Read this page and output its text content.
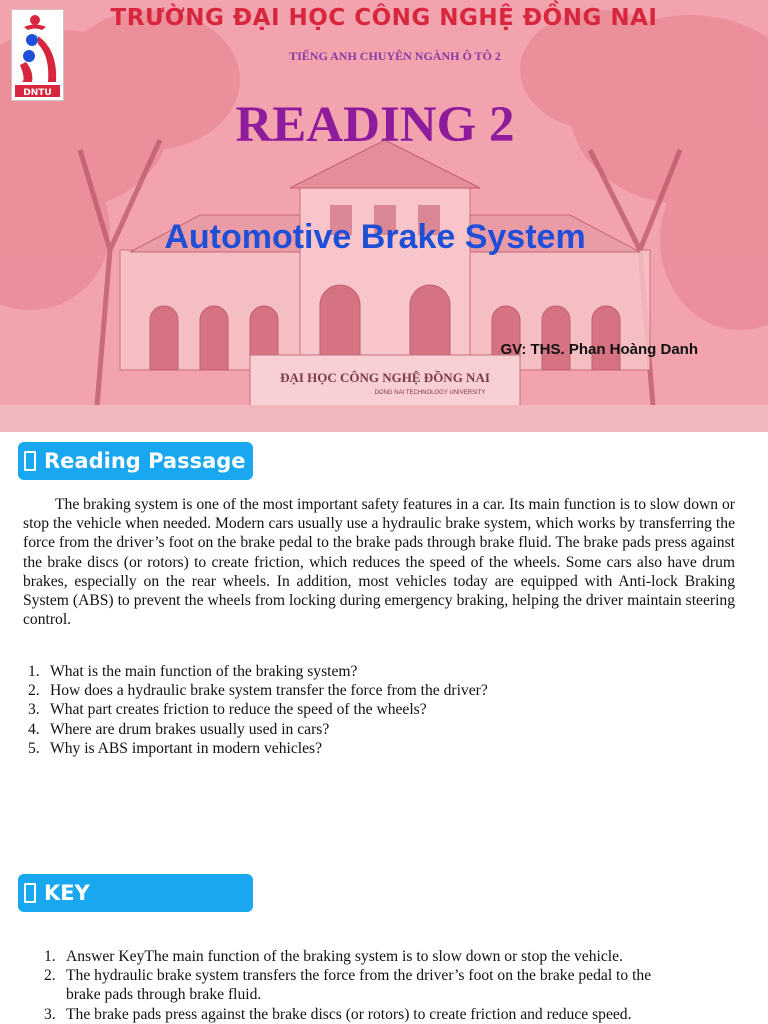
ĐẠI HỌC CÔNG NGHỆ ĐỒNG NAI
DONG NAI TECHNOLOGY UNIVERSITY
DNTU
TRƯỜNG ĐẠI HỌC CÔNG NGHỆ ĐỒNG NAI
TIẾNG ANH CHUYÊN NGÀNH Ô TÔ 2
READING 2
Automotive Brake System
GV: THS. Phan Hoàng Danh
Reading Passage

The braking system is one of the most important safety features in a car. Its main function is to slow down or stop the vehicle when needed. Modern cars usually use a hydraulic brake system, which works by transferring the force from the driver’s foot on the brake pedal to the brake pads through brake fluid. The brake pads press against the brake discs (or rotors) to create friction, which reduces the speed of the wheels. Some cars also have drum brakes, especially on the rear wheels. In addition, most vehicles today are equipped with Anti-lock Braking System (ABS) to prevent the wheels from locking during emergency braking, helping the driver maintain steering control.

1. What is the main function of the braking system?
2. How does a hydraulic brake system transfer the force from the driver?
3. What part creates friction to reduce the speed of the wheels?
4. Where are drum brakes usually used in cars?
5. Why is ABS important in modern vehicles?
KEY
1. Answer KeyThe main function of the braking system is to slow down or stop the vehicle.
2. The hydraulic brake system transfers the force from the driver’s foot on the brake pedal to the brake pads through brake fluid.
3. The brake pads press against the brake discs (or rotors) to create friction and reduce speed.
